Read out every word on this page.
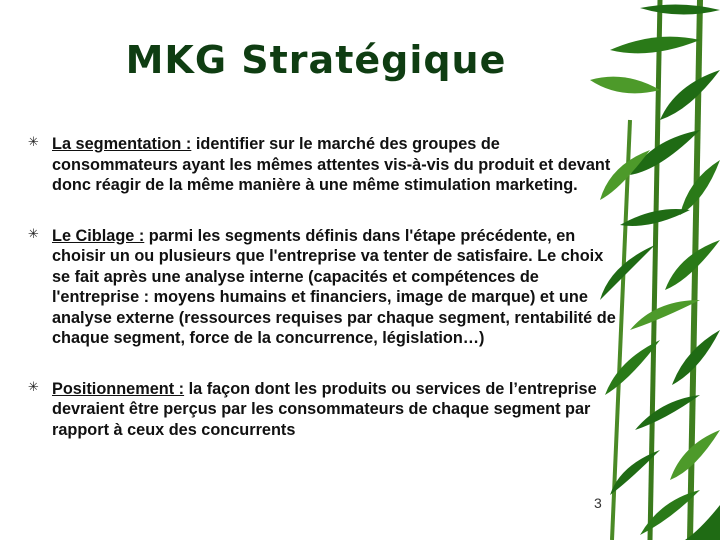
MKG Stratégique
✳ La segmentation : identifier sur le marché des groupes de consommateurs ayant les mêmes attentes vis-à-vis du produit et devant donc réagir de la même manière à une même stimulation marketing.
✳ Le Ciblage : parmi les segments définis dans l'étape précédente, en choisir un ou plusieurs que l'entreprise va tenter de satisfaire. Le choix se fait après une analyse interne (capacités et compétences de l'entreprise : moyens humains et financiers, image de marque) et une analyse externe (ressources requises par chaque segment, rentabilité de chaque segment, force de la concurrence, législation…)
✳ Positionnement : la façon dont les produits ou services de l’entreprise devraient être perçus par les consommateurs de chaque segment par rapport à ceux des concurrents
3
